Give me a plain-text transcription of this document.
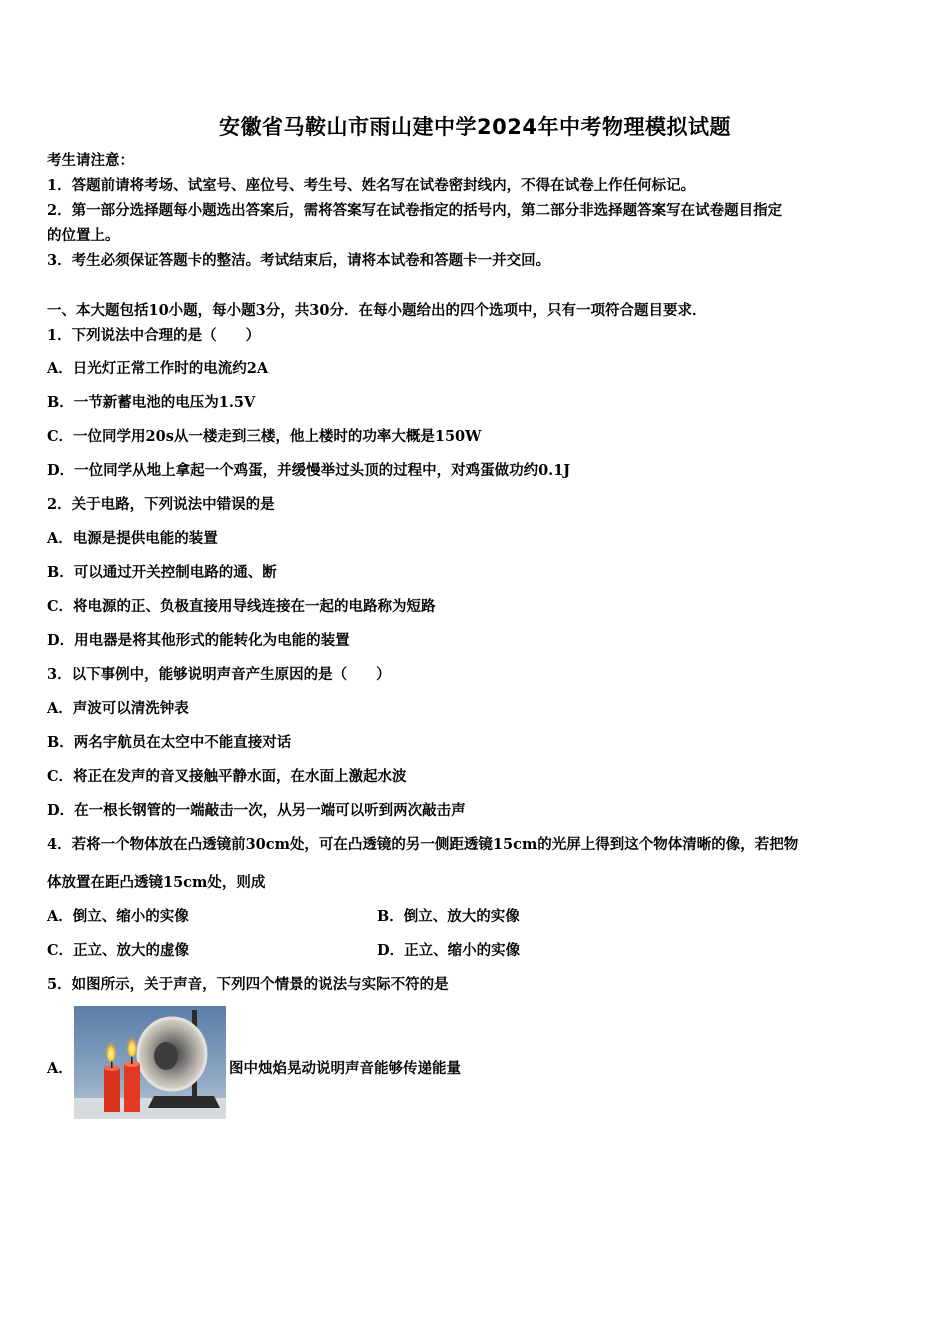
安徽省马鞍山市雨山建中学2024年中考物理模拟试题
考生请注意：
1．答题前请将考场、试室号、座位号、考生号、姓名写在试卷密封线内，不得在试卷上作任何标记。
2．第一部分选择题每小题选出答案后，需将答案写在试卷指定的括号内，第二部分非选择题答案写在试卷题目指定
的位置上。
3．考生必须保证答题卡的整洁。考试结束后，请将本试卷和答题卡一并交回。
一、本大题包括10小题，每小题3分，共30分．在每小题给出的四个选项中，只有一项符合题目要求．
1．下列说法中合理的是（　　）
A．日光灯正常工作时的电流约2A
B．一节新蓄电池的电压为1.5V
C．一位同学用20s从一楼走到三楼，他上楼时的功率大概是150W
D．一位同学从地上拿起一个鸡蛋，并缓慢举过头顶的过程中，对鸡蛋做功约0.1J
2．关于电路，下列说法中错误的是
A．电源是提供电能的装置
B．可以通过开关控制电路的通、断
C．将电源的正、负极直接用导线连接在一起的电路称为短路
D．用电器是将其他形式的能转化为电能的装置
3．以下事例中，能够说明声音产生原因的是（　　）
A．声波可以清洗钟表
B．两名宇航员在太空中不能直接对话
C．将正在发声的音叉接触平静水面，在水面上激起水波
D．在一根长钢管的一端敲击一次，从另一端可以听到两次敲击声
4．若将一个物体放在凸透镜前30cm处，可在凸透镜的另一侧距透镜15cm的光屏上得到这个物体清晰的像，若把物
体放置在距凸透镜15cm处，则成
A．倒立、缩小的实像	B．倒立、放大的实像
C．正立、放大的虚像	D．正立、缩小的实像
5．如图所示，关于声音，下列四个情景的说法与实际不符的是
A．	图中烛焰晃动说明声音能够传递能量
